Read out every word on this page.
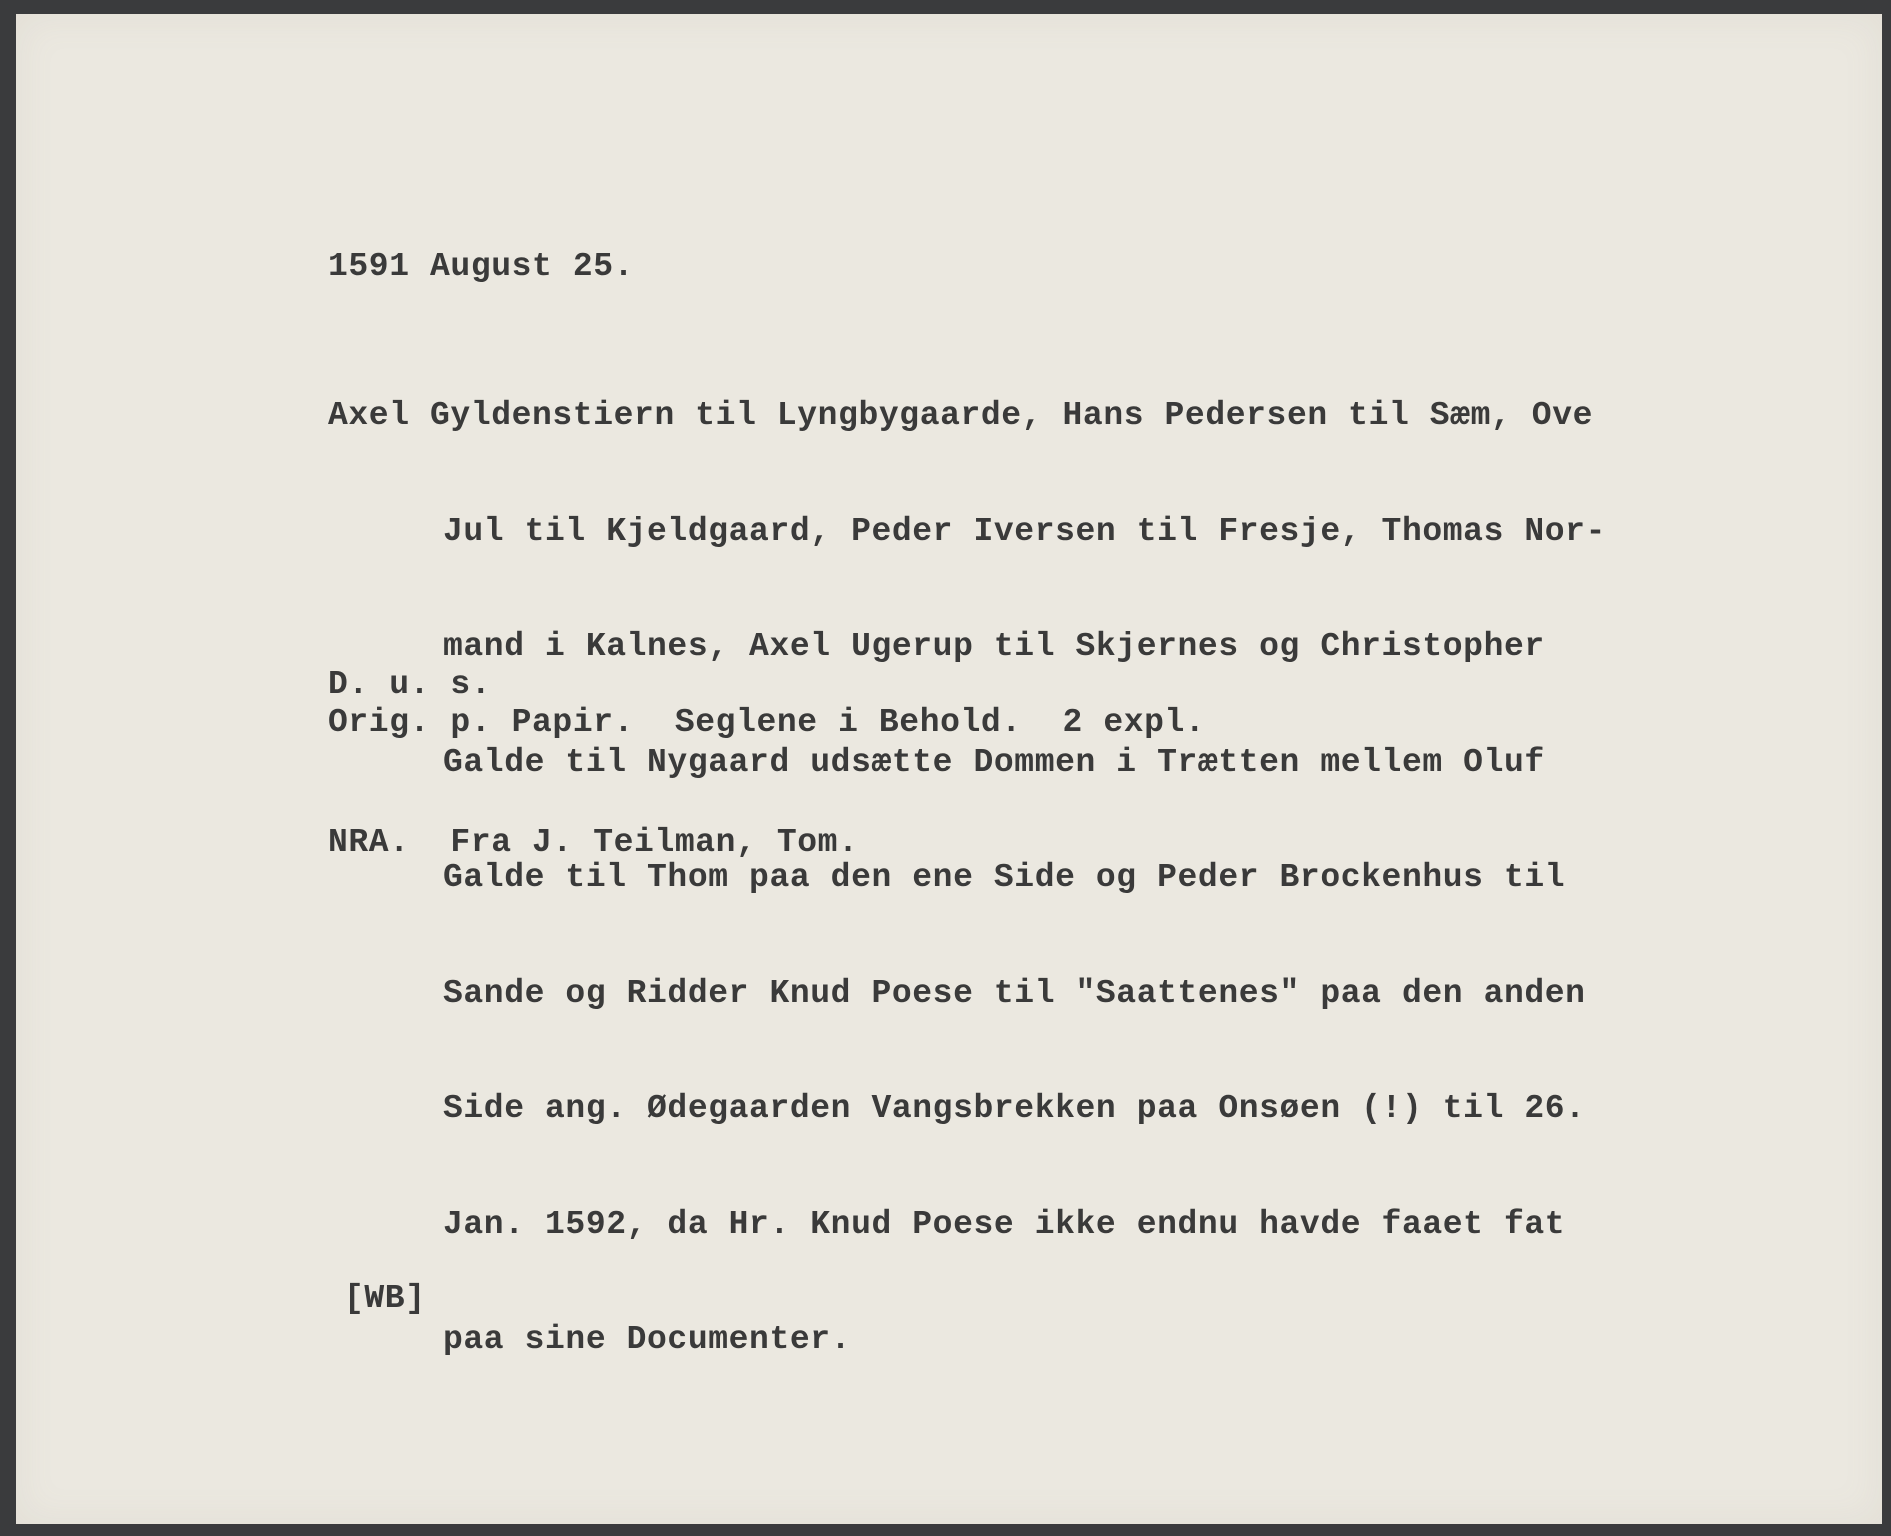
1591 August 25.

Axel Gyldenstiern til Lyngbygaarde, Hans Pedersen til Sæm, Ove

Jul til Kjeldgaard, Peder Iversen til Fresje, Thomas Nor-

mand i Kalnes, Axel Ugerup til Skjernes og Christopher

Galde til Nygaard udsætte Dommen i Trætten mellem Oluf

Galde til Thom paa den ene Side og Peder Brockenhus til

Sande og Ridder Knud Poese til "Saattenes" paa den anden

Side ang. Ødegaarden Vangsbrekken paa Onsøen (!) til 26.

Jan. 1592, da Hr. Knud Poese ikke endnu havde faaet fat

paa sine Documenter.

D. u. s.
Orig. p. Papir.  Seglene i Behold.  2 expl.
NRA.  Fra J. Teilman, Tom.
[WB]
